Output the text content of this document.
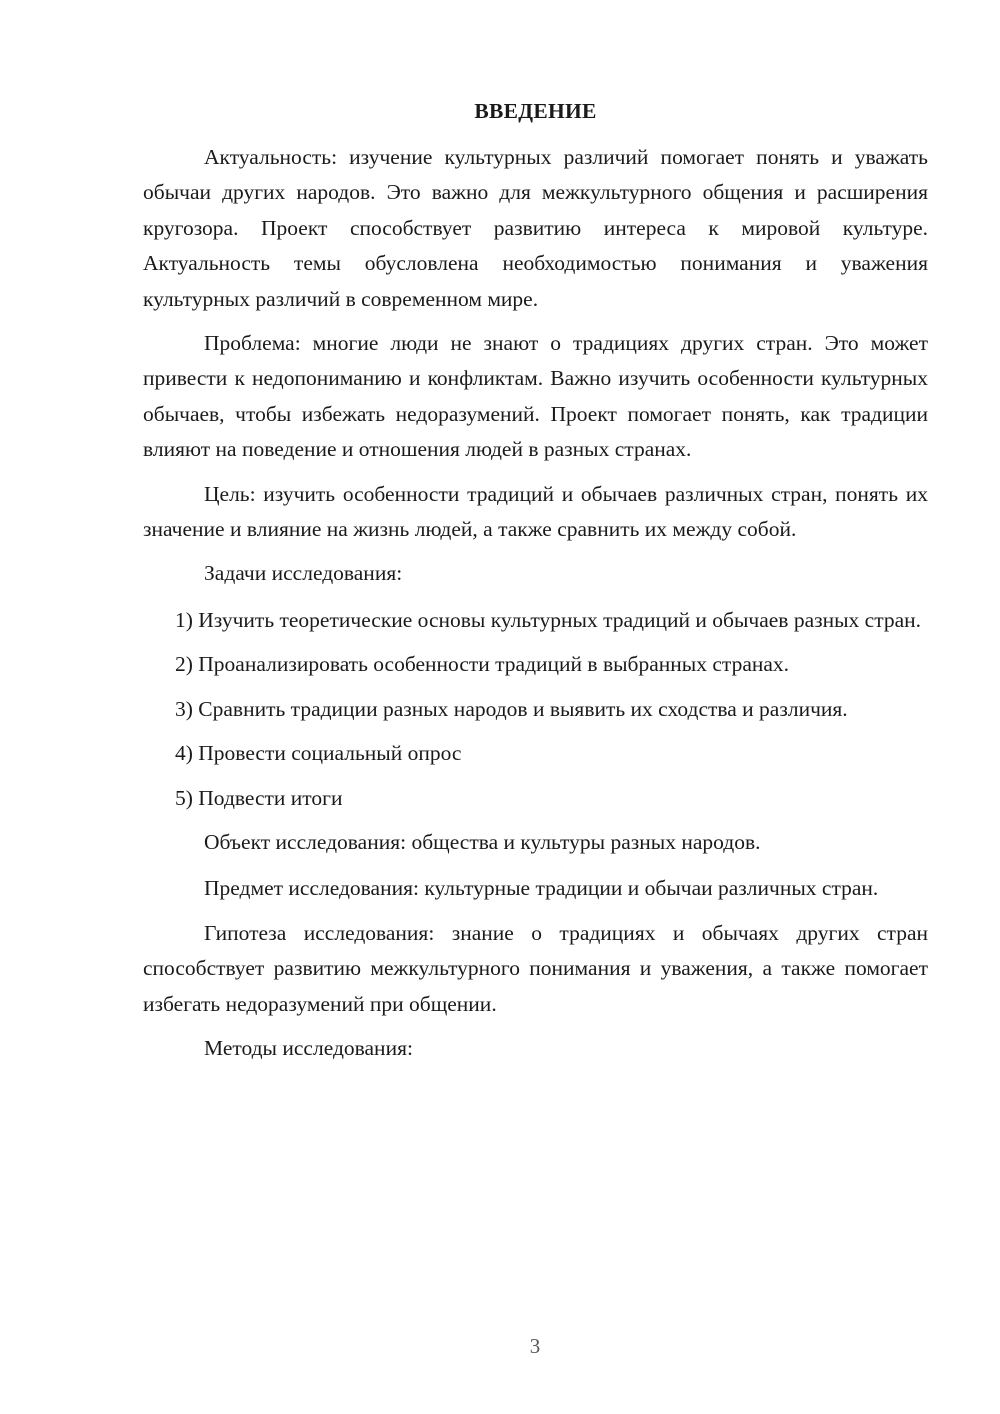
ВВЕДЕНИЕ

Актуальность: изучение культурных различий помогает понять и уважать обычаи других народов. Это важно для межкультурного общения и расширения кругозора. Проект способствует развитию интереса к мировой культуре. Актуальность темы обусловлена необходимостью понимания и уважения культурных различий в современном мире.

Проблема: многие люди не знают о традициях других стран. Это может привести к недопониманию и конфликтам. Важно изучить особенности культурных обычаев, чтобы избежать недоразумений. Проект помогает понять, как традиции влияют на поведение и отношения людей в разных странах.

Цель: изучить особенности традиций и обычаев различных стран, понять их значение и влияние на жизнь людей, а также сравнить их между собой.

Задачи исследования:

1) Изучить теоретические основы культурных традиций и обычаев разных стран.

2) Проанализировать особенности традиций в выбранных странах.

3) Сравнить традиции разных народов и выявить их сходства и различия.

4) Провести социальный опрос

5) Подвести итоги

Объект исследования: общества и культуры разных народов.

Предмет исследования: культурные традиции и обычаи различных стран.

Гипотеза исследования: знание о традициях и обычаях других стран способствует развитию межкультурного понимания и уважения, а также помогает избегать недоразумений при общении.

Методы исследования:

3
